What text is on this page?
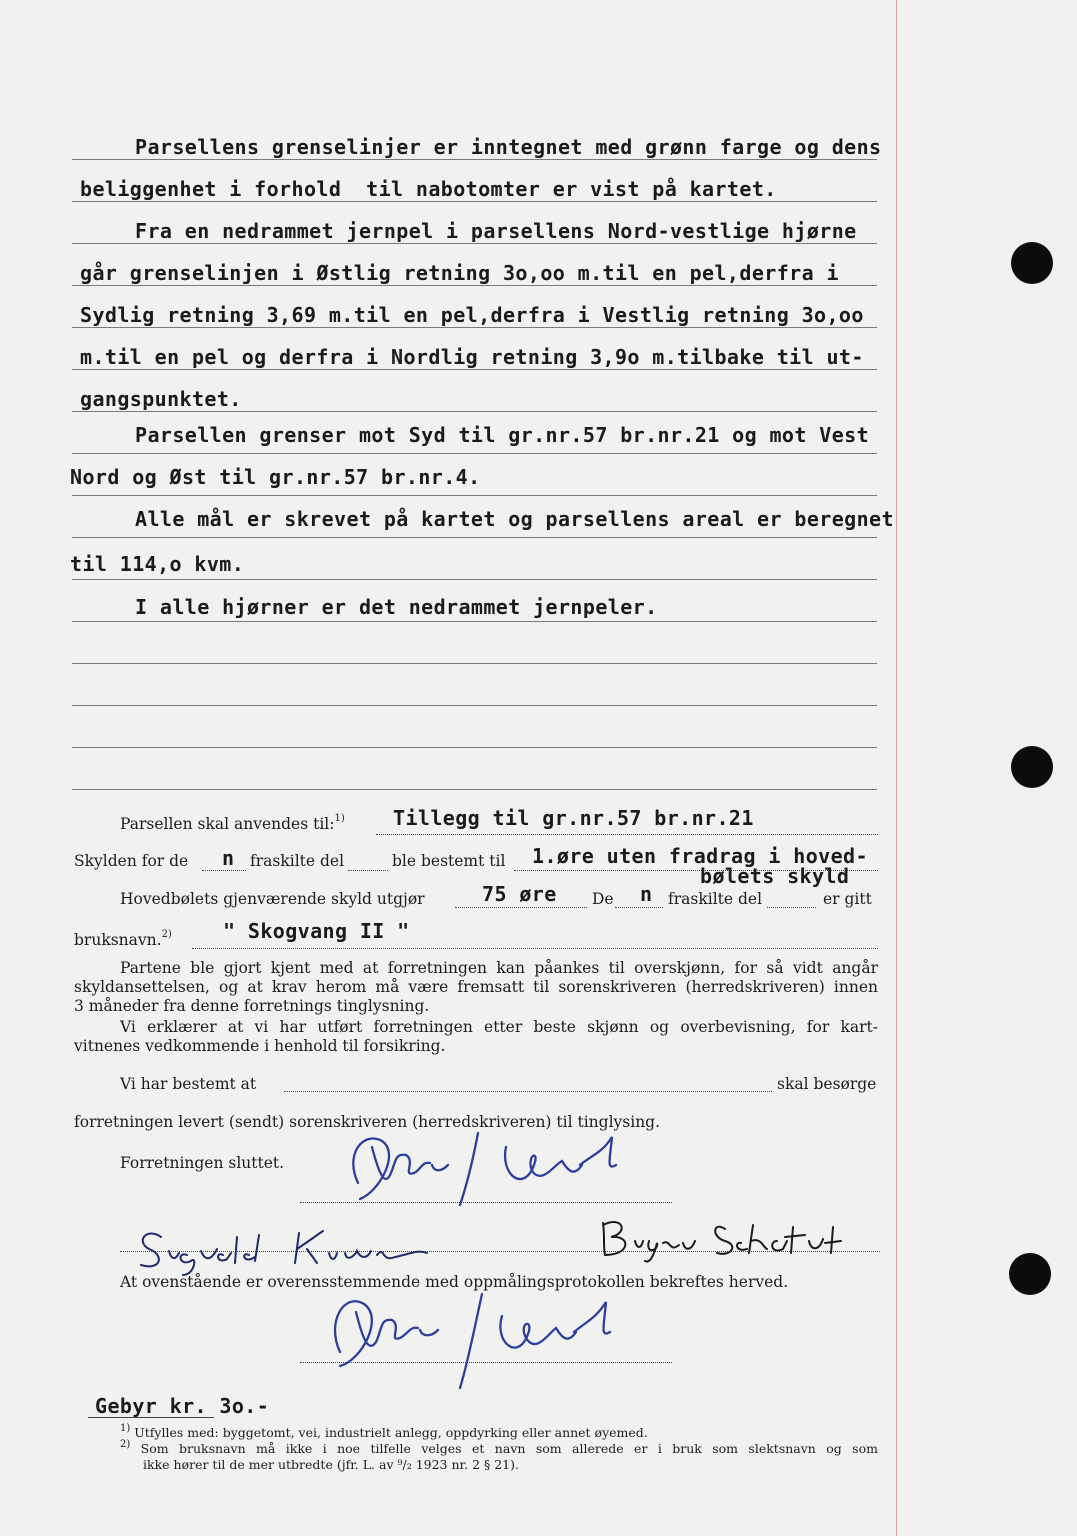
Parsellens grenselinjer er inntegnet med grønn farge og dens
beliggenhet i forhold  til nabotomter er vist på kartet.
Fra en nedrammet jernpel i parsellens Nord-vestlige hjørne
går grenselinjen i Østlig retning 3o,oo m.til en pel,derfra i
Sydlig retning 3,69 m.til en pel,derfra i Vestlig retning 3o,oo
m.til en pel og derfra i Nordlig retning 3,9o m.tilbake til ut-
gangspunktet.
Parsellen grenser mot Syd til gr.nr.57 br.nr.21 og mot Vest
Nord og Øst til gr.nr.57 br.nr.4.
Alle mål er skrevet på kartet og parsellens areal er beregnet
til 114,o kvm.
I alle hjørner er det nedrammet jernpeler.
Parsellen skal anvendes til:$^{1)}$ Tillegg til gr.nr.57 br.nr.21
Skylden for de n fraskilte del	ble bestemt til 1.øre uten fradrag i hoved-
bølets skyld
Hovedbølets gjenværende skyld utgjør	75 øre De n fraskilte del	er gitt
bruksnavn.$^{2)}$	" Skogvang II "
Partene ble gjort kjent med at forretningen kan påankes til overskjønn, for så vidt angår
skyldansettelsen, og at krav herom må være fremsatt til sorenskriveren (herredskriveren) innen
3 måneder fra denne forretnings tinglysning.
Vi erklærer at vi har utført forretningen etter beste skjønn og overbevisning, for kart-
vitnenes vedkommende i henhold til forsikring.
Vi har bestemt at	skal besørge
forretningen levert (sendt) sorenskriveren (herredskriveren) til tinglysing.
Forretningen sluttet.
At ovenstående er overensstemmende med oppmålingsprotokollen bekreftes herved.
Gebyr kr. 3o.-
$^{1)}$ Utfylles med: byggetomt, vei, industrielt anlegg, oppdyrking eller annet øyemed.
$^{2)}$ Som bruksnavn må ikke i noe tilfelle velges et navn som allerede er i bruk som slektsnavn og som
ikke hører til de mer utbredte (jfr. L. av ⁹/₂ 1923 nr. 2 § 21).
